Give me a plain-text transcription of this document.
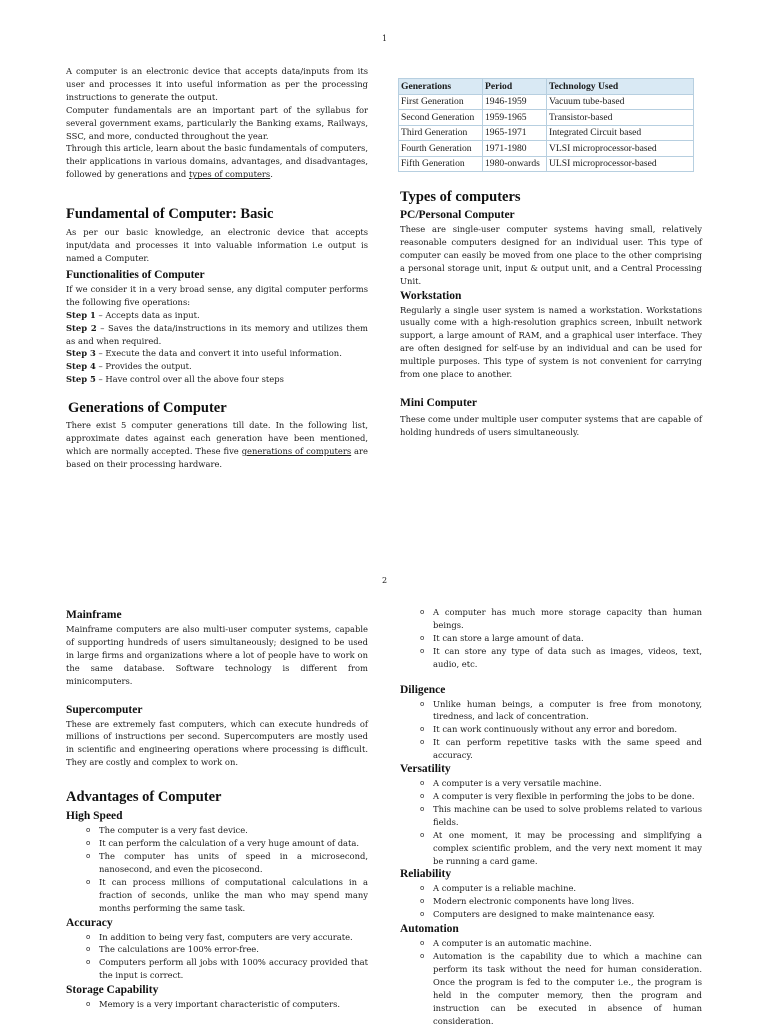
1

A computer is an electronic device that accepts data/inputs from its user and processes it into useful information as per the processing instructions to generate the output.

Computer fundamentals are an important part of the syllabus for several government exams, particularly the Banking exams, Railways, SSC, and more, conducted throughout the year.

Through this article, learn about the basic fundamentals of computers, their applications in various domains, advantages, and disadvantages, followed by generations and types of computers.

Fundamental of Computer: Basic

As per our basic knowledge, an electronic device that accepts input/data and processes it into valuable information i.e output is named a Computer.

Functionalities of Computer

If we consider it in a very broad sense, any digital computer performs the following five operations:

Step 1 – Accepts data as input.

Step 2 – Saves the data/instructions in its memory and utilizes them as and when required.

Step 3 – Execute the data and convert it into useful information.

Step 4 – Provides the output.

Step 5 – Have control over all the above four steps

Generations of Computer

There exist 5 computer generations till date. In the following list, approximate dates against each generation have been mentioned, which are normally accepted. These five generations of computers are based on their processing hardware.

Generations	Period	Technology Used
First Generation	1946-1959	Vacuum tube-based
Second Generation	1959-1965	Transistor-based
Third Generation	1965-1971	Integrated Circuit based
Fourth Generation	1971-1980	VLSI microprocessor-based
Fifth Generation	1980-onwards	ULSI microprocessor-based
Types of computers
PC/Personal Computer

These are single-user computer systems having small, relatively reasonable computers designed for an individual user. This type of computer can easily be moved from one place to the other comprising a personal storage unit, input & output unit, and a Central Processing Unit.

Workstation

Regularly a single user system is named a workstation. Workstations usually come with a high-resolution graphics screen, inbuilt network support, a large amount of RAM, and a graphical user interface. They are often designed for self-use by an individual and can be used for multiple purposes. This type of system is not convenient for carrying from one place to another.

Mini Computer

These come under multiple user computer systems that are capable of holding hundreds of users simultaneously.

2
Mainframe

Mainframe computers are also multi-user computer systems, capable of supporting hundreds of users simultaneously; designed to be used in large firms and organizations where a lot of people have to work on the same database. Software technology is different from minicomputers.

Supercomputer

These are extremely fast computers, which can execute hundreds of millions of instructions per second. Supercomputers are mostly used in scientific and engineering operations where processing is difficult. They are costly and complex to work on.

Advantages of Computer
High Speed
o The computer is a very fast device.
o It can perform the calculation of a very huge amount of data.
o The computer has units of speed in a microsecond, nanosecond, and even the picosecond.
o It can process millions of computational calculations in a fraction of seconds, unlike the man who may spend many months performing the same task.
Accuracy
o In addition to being very fast, computers are very accurate.
o The calculations are 100% error-free.
o Computers perform all jobs with 100% accuracy provided that the input is correct.
Storage Capability
o Memory is a very important characteristic of computers.
o A computer has much more storage capacity than human beings.
o It can store a large amount of data.
o It can store any type of data such as images, videos, text, audio, etc.
Diligence
o Unlike human beings, a computer is free from monotony, tiredness, and lack of concentration.
o It can work continuously without any error and boredom.
o It can perform repetitive tasks with the same speed and accuracy.
Versatility
o A computer is a very versatile machine.
o A computer is very flexible in performing the jobs to be done.
o This machine can be used to solve problems related to various fields.
o At one moment, it may be processing and simplifying a complex scientific problem, and the very next moment it may be running a card game.
Reliability
o A computer is a reliable machine.
o Modern electronic components have long lives.
o Computers are designed to make maintenance easy.
Automation
o A computer is an automatic machine.
o Automation is the capability due to which a machine can perform its task without the need for human consideration. Once the program is fed to the computer i.e., the program is held in the computer memory, then the program and instruction can be executed in absence of human consideration.
